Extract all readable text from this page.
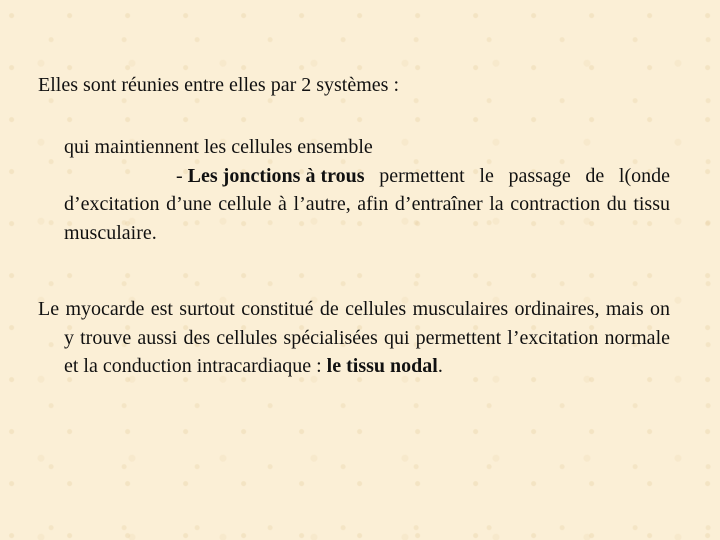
Elles sont réunies entre elles par 2 systèmes :

qui maintiennent les cellules ensemble

- Les jonctions à trous permettent le passage de l(onde d’excitation d’une cellule à l’autre, afin d’entraîner la contraction du tissu musculaire.

Le myocarde est surtout constitué de cellules musculaires ordinaires, mais on y trouve aussi des cellules spécialisées qui permettent l’excitation normale et la conduction intracardiaque : le tissu nodal.
